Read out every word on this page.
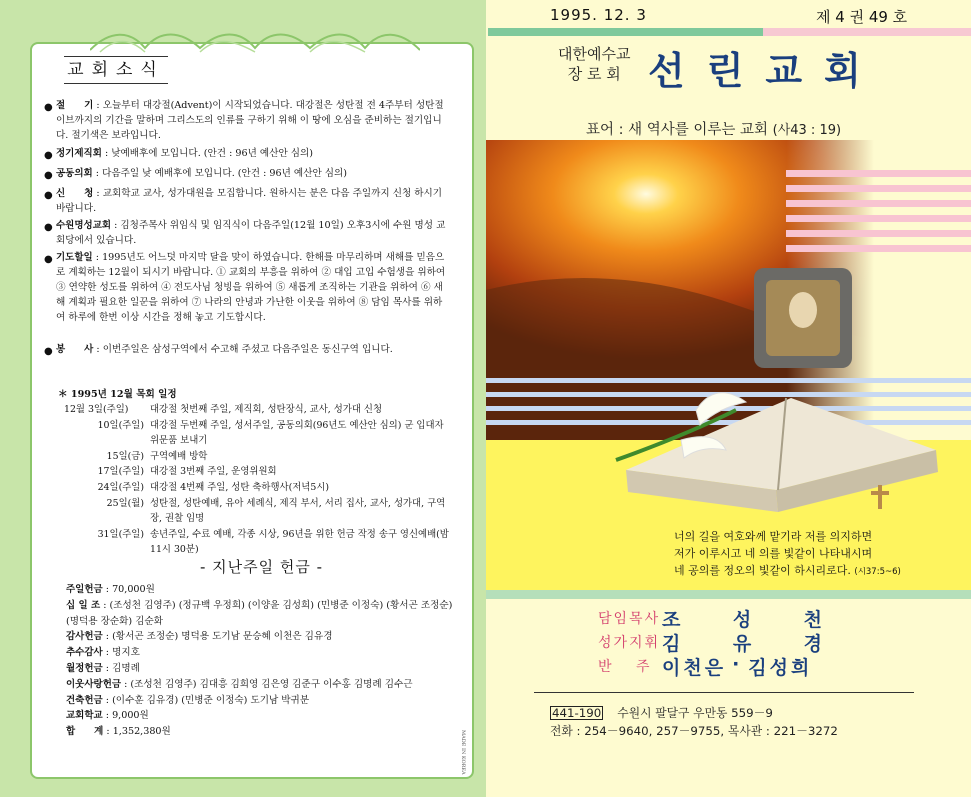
교회소식
● 절　　기 : 오늘부터 대강절(Advent)이 시작되었습니다. 대강절은 성탄절 전 4주부터 성탄절 이브까지의 기간을 말하며 그리스도의 인류를 구하기 위해 이 땅에 오심을 준비하는 절기입니다. 절기색은 보라입니다.
● 정기제직회 : 낮예배후에 모입니다. (안건 : 96년 예산안 심의)
● 공동의회 : 다음주일 낮 예배후에 모입니다. (안건 : 96년 예산안 심의)
● 신　　청 : 교회학교 교사, 성가대원을 모집합니다. 원하시는 분은 다음 주일까지 신청 하시기 바랍니다.
● 수원명성교회 : 김청주목사 위임식 및 임직식이 다음주일(12월 10일) 오후3시에 수원 명성 교회당에서 있습니다.
● 기도할일 : 1995년도 어느덧 마지막 달을 맞이 하였습니다. 한해를 마무리하며 새해를 믿음으로 계획하는 12월이 되시기 바랍니다. ① 교회의 부흥을 위하여 ② 대입 고입 수험생을 위하여 ③ 연약한 성도를 위하여 ④ 전도사님 청빙을 위하여 ⑤ 새롭게 조직하는 기관을 위하여 ⑥ 새해 계획과 필요한 일꾼을 위하여 ⑦ 나라의 안녕과 가난한 이웃을 위하여 ⑧ 담임 목사를 위하여 하루에 한번 이상 시간을 정해 놓고 기도합시다.
● 봉　　사 : 이번주일은 삼성구역에서 수고해 주셨고 다음주일은 동신구역 입니다.
＊ 1995년 12월 목회 일정
12월 3일(주일)	대강절 첫번째 주일, 제직회, 성탄장식, 교사, 성가대 신청
10일(주일) 대강절 두번째 주일, 성서주일, 공동의회(96년도 예산안 심의) 군 입대자 위문품 보내기
15일(금) 구역예배 방학
17일(주일) 대강절 3번째 주일, 운영위원회
24일(주일) 대강절 4번째 주일, 성탄 축하행사(저녁5시)
25일(월) 성탄절, 성탄예배, 유아 세례식, 제직 부서, 서리 집사, 교사, 성가대, 구역장, 권찰 임명
31일(주일) 송년주일, 수료 예배, 각종 시상, 96년을 위한 헌금 작정 송구 영신예배(밤11시 30분)
- 지난주일 헌금 -
주일헌금 : 70,000원
십 일 조 : (조성천 김영주) (정규백 우정희) (이양윤 김성희) (민병준 이정숙) (황서곤 조정순) (명덕용 장순화) 김순화
감사헌금 : (황서곤 조정순) 명덕용 도기남 문승혜 이천은 김유경
추수감사 : 명지호
월정헌금 : 김명례
이웃사랑헌금 : (조성천 김영주) 김대흥 김희영 김은영 김준구 이수홍 김명례 김수근
건축헌금 : (이수훈 김유경) (민병준 이정숙) 도기남 박귀분
교회학교 : 9,000원
합　　계 : 1,352,380원	MADE IN KOREA
1995. 12. 3	제 4 권 49 호
대한예수교
장 로 회 선린교회
표어 : 새 역사를 이루는 교회 (사43 : 19)
너의 길을 여호와께 맡기라 저를 의지하면
저가 이루시고 네 의를 빛같이 나타내시며
네 공의를 정오의 빛같이 하시리로다. (시37:5~6)
담임목사 조	성	천
성가지휘 김	유	경
반　 주 이천은 · 김성희
441-190 수원시 팔달구 우만동 559－9
전화 : 254－9640, 257－9755, 목사관 : 221－3272
